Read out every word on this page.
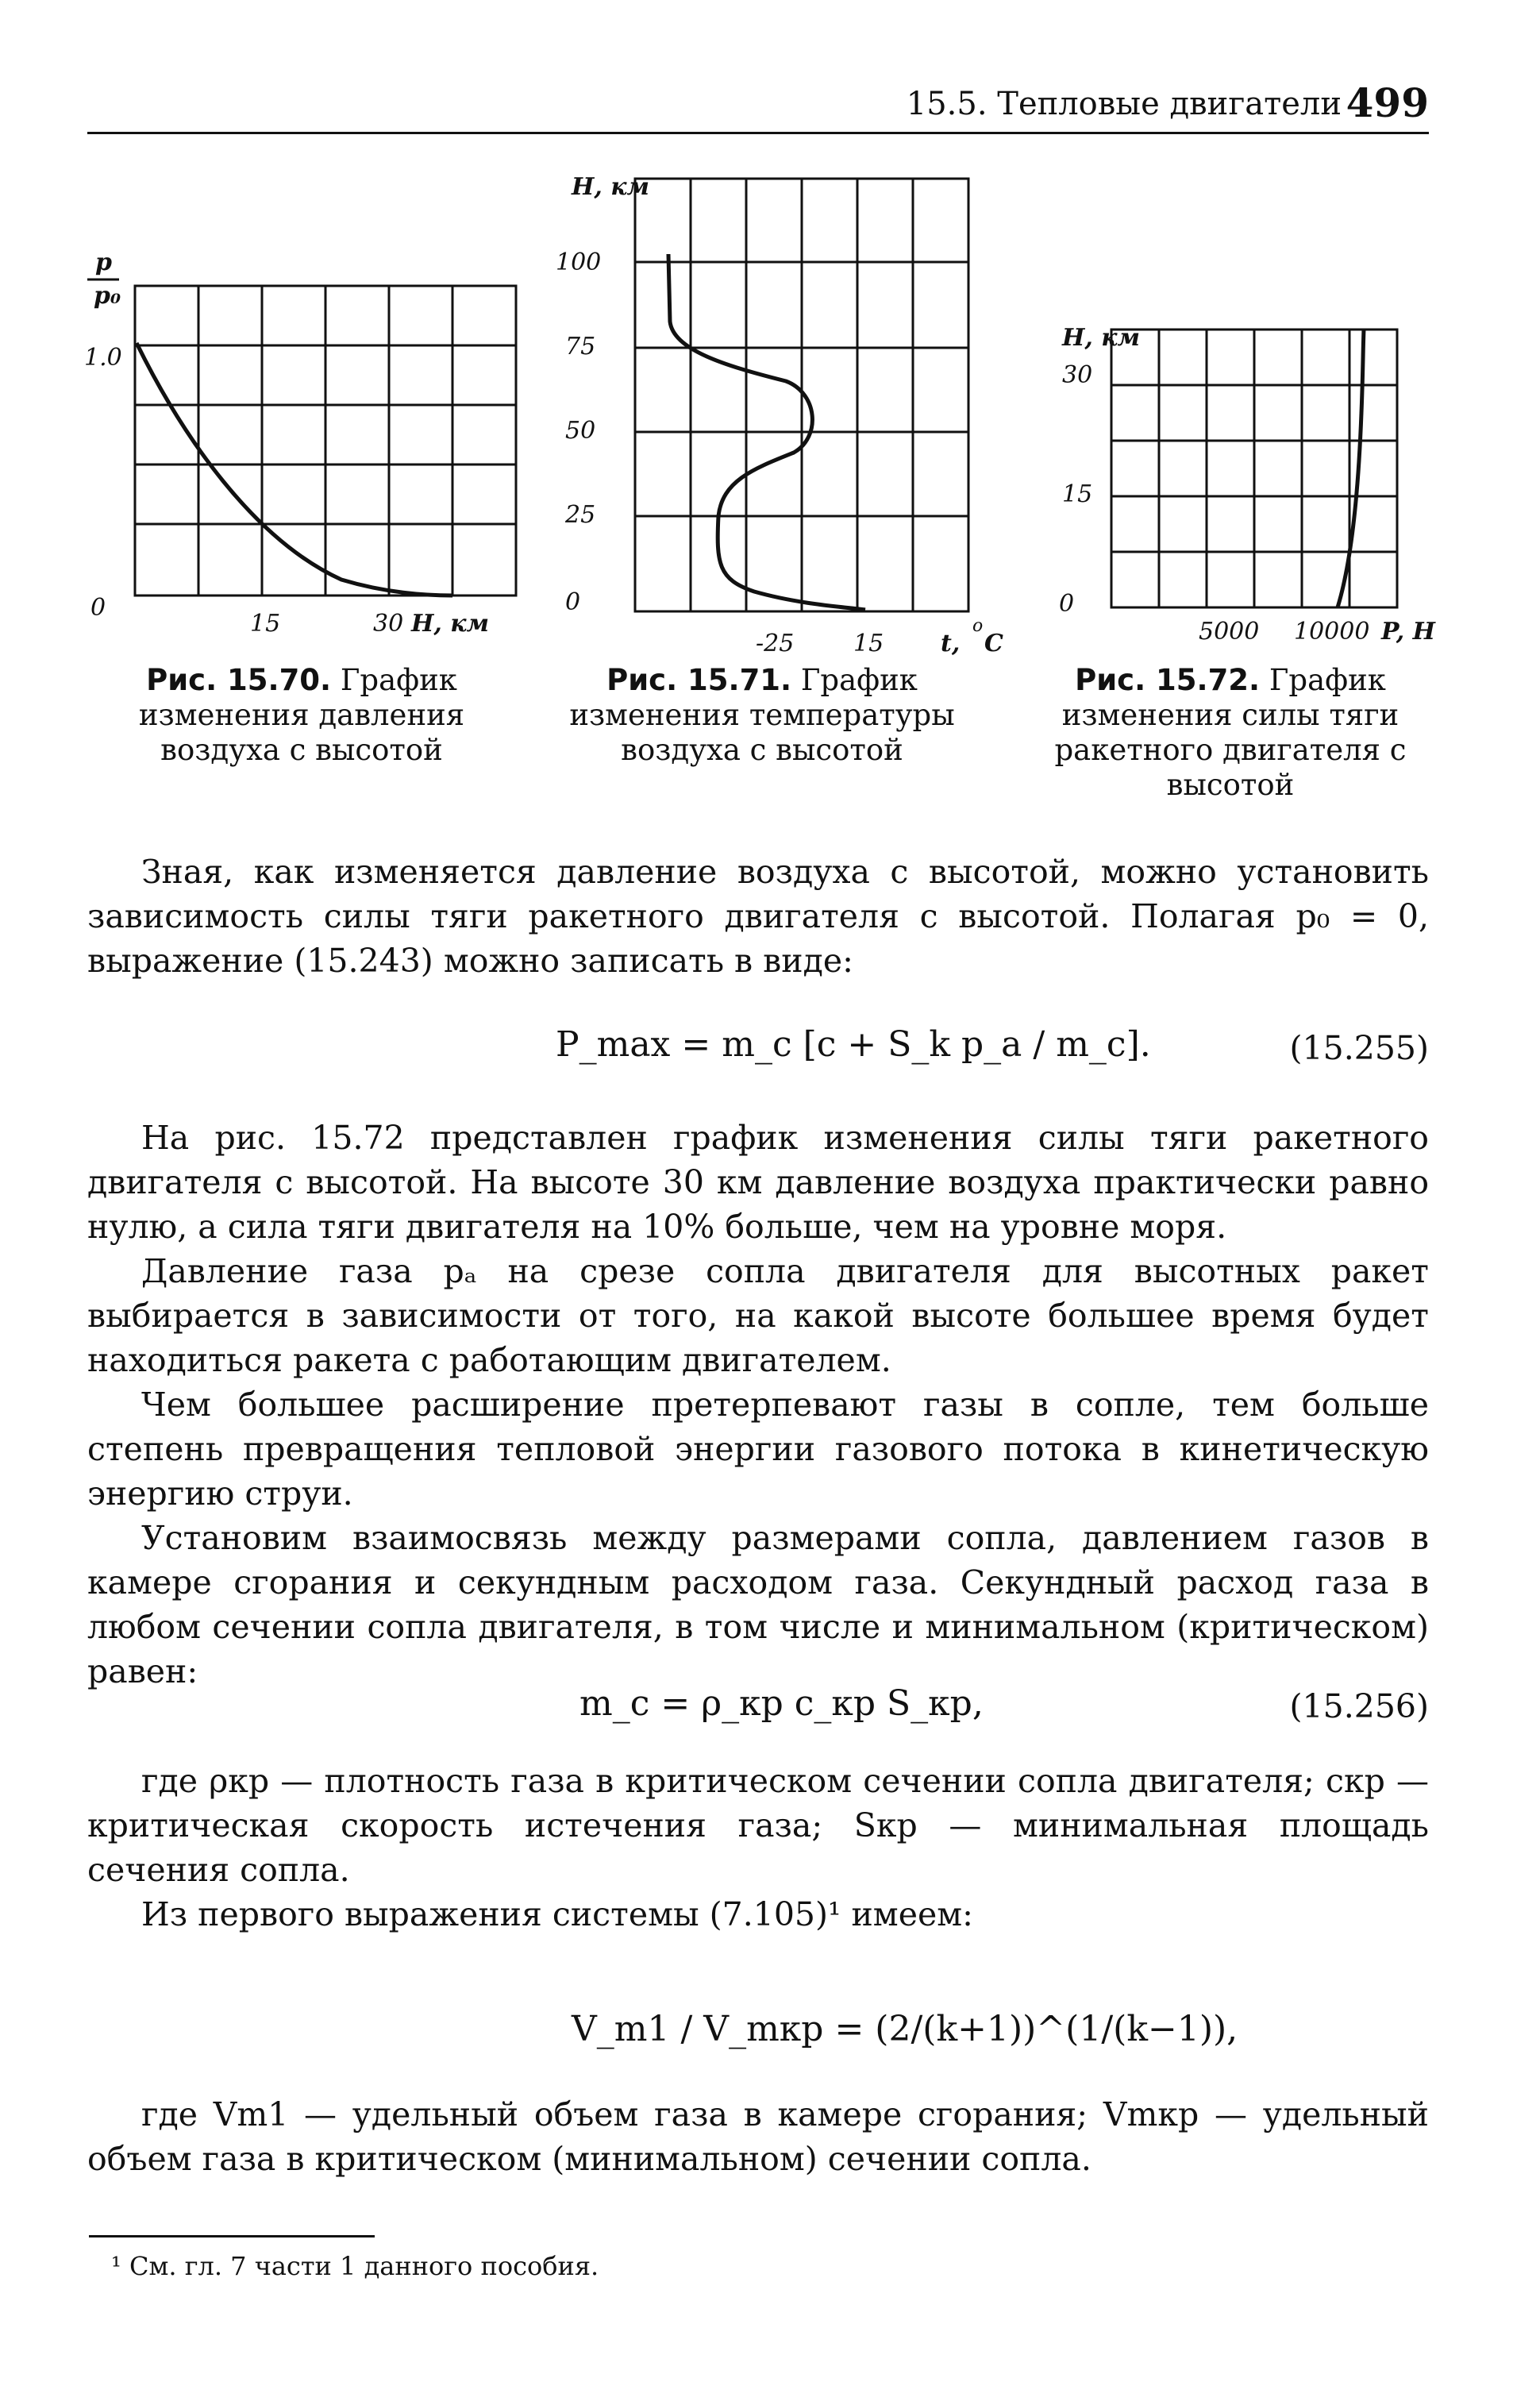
15.5. Тепловые двигатели 499
p
p₀
1.0
0
15	30 H, км
Рис. 15.70. График изменения давления воздуха с высотой
H, км
100
75
50
25
0
-25 15 t,
o
C
Рис. 15.71. График изменения температуры воздуха с высотой
H, км
30
15
0
5000 10000 P, Н
Рис. 15.72. График изменения силы тяги ракетного двигателя с высотой

Зная, как изменяется давление воздуха с высотой, можно установить зависимость силы тяги ракетного двигателя с высотой. Полагая p₀ = 0, выражение (15.243) можно записать в виде:

P_max = m_c [c + S_k p_a / m_c].	(15.255)

На рис. 15.72 представлен график изменения силы тяги ракетного двигателя с высотой. На высоте 30 км давление воздуха практически равно нулю, а сила тяги двигателя на 10% больше, чем на уровне моря.

Давление газа pₐ на срезе сопла двигателя для высотных ракет выбирается в зависимости от того, на какой высоте большее время будет находиться ракета с работающим двигателем.

Чем большее расширение претерпевают газы в сопле, тем больше степень превращения тепловой энергии газового потока в кинетическую энергию струи.

Установим взаимосвязь между размерами сопла, давлением газов в камере сгорания и секундным расходом газа. Секундный расход газа в любом сечении сопла двигателя, в том числе и минимальном (критическом) равен:

m_c = ρ_кр c_кр S_кр,	(15.256)

где ρкр — плотность газа в критическом сечении сопла двигателя; cкр — критическая скорость истечения газа; Sкр — минимальная площадь сечения сопла.

Из первого выражения системы (7.105)¹ имеем:

V_m1 / V_mкр = (2/(k+1))^(1/(k−1)),

где Vm1 — удельный объем газа в камере сгорания; Vmкр — удельный объем газа в критическом (минимальном) сечении сопла.

¹ См. гл. 7 части 1 данного пособия.
